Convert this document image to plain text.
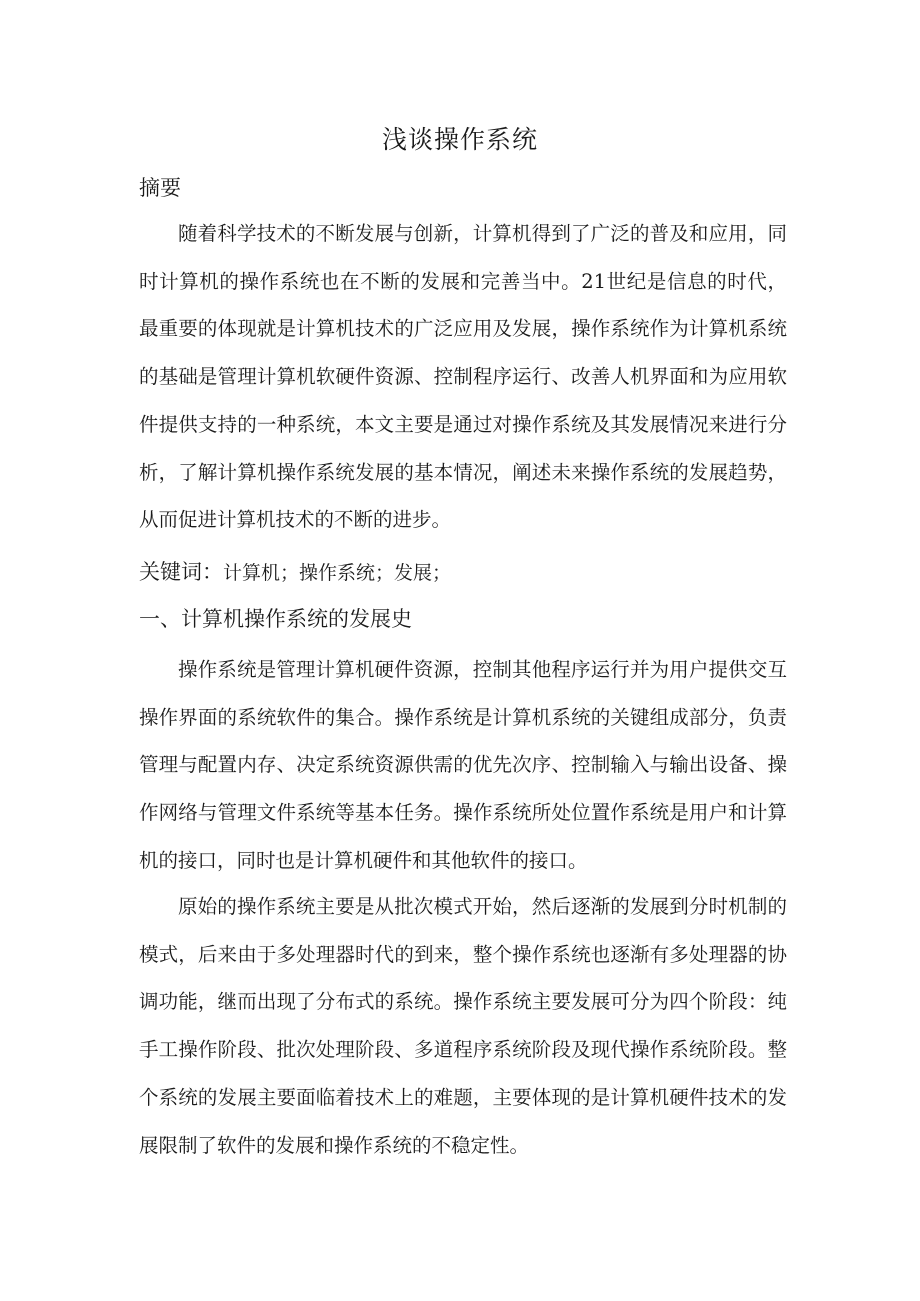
浅谈操作系统
摘要

随着科学技术的不断发展与创新，计算机得到了广泛的普及和应用，同时计算机的操作系统也在不断的发展和完善当中。21世纪是信息的时代，最重要的体现就是计算机技术的广泛应用及发展，操作系统作为计算机系统的基础是管理计算机软硬件资源、控制程序运行、改善人机界面和为应用软件提供支持的一种系统，本文主要是通过对操作系统及其发展情况来进行分析，了解计算机操作系统发展的基本情况，阐述未来操作系统的发展趋势，从而促进计算机技术的不断的进步。

关键词：计算机；操作系统；发展；
一、计算机操作系统的发展史

操作系统是管理计算机硬件资源，控制其他程序运行并为用户提供交互操作界面的系统软件的集合。操作系统是计算机系统的关键组成部分，负责管理与配置内存、决定系统资源供需的优先次序、控制输入与输出设备、操作网络与管理文件系统等基本任务。操作系统所处位置作系统是用户和计算机的接口，同时也是计算机硬件和其他软件的接口。

原始的操作系统主要是从批次模式开始，然后逐渐的发展到分时机制的模式，后来由于多处理器时代的到来，整个操作系统也逐渐有多处理器的协调功能，继而出现了分布式的系统。操作系统主要发展可分为四个阶段：纯手工操作阶段、批次处理阶段、多道程序系统阶段及现代操作系统阶段。整个系统的发展主要面临着技术上的难题，主要体现的是计算机硬件技术的发展限制了软件的发展和操作系统的不稳定性。
